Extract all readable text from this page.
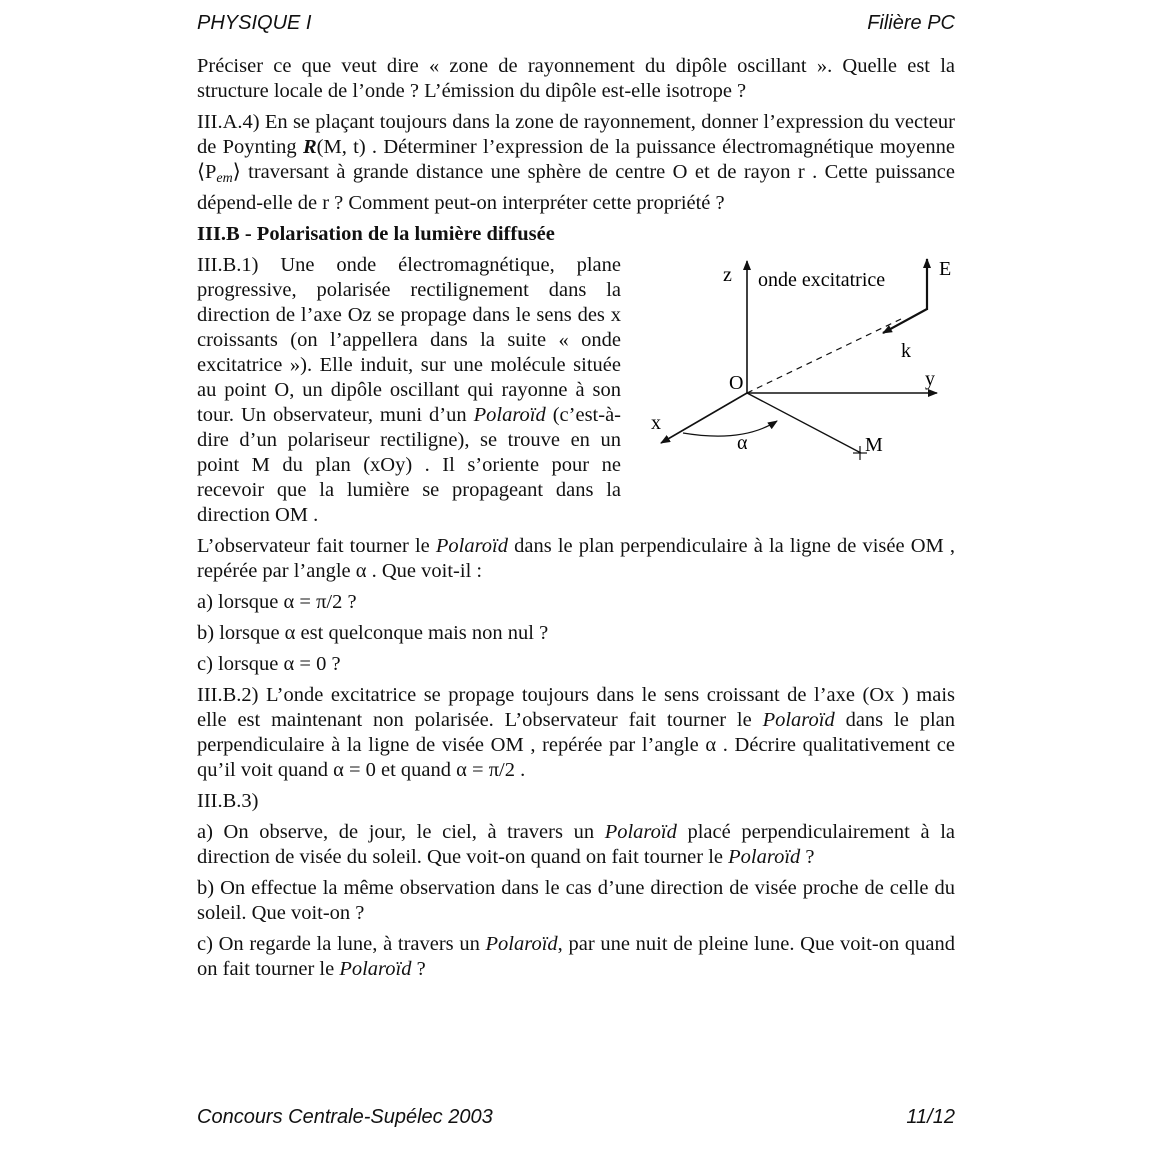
PHYSIQUE I	Filière PC

Préciser ce que veut dire « zone de rayonnement du dipôle oscillant ». Quelle est la structure locale de l’onde ? L’émission du dipôle est-elle isotrope ?

III.A.4) En se plaçant toujours dans la zone de rayonnement, donner l’expression du vecteur de Poynting R(M, t) . Déterminer l’expression de la puissance électromagnétique moyenne $⟨P_{em}⟩$ traversant à grande distance une sphère de centre O et de rayon r . Cette puissance dépend-elle de r ? Comment peut-on interpréter cette propriété ?

III.B - Polarisation de la lumière diffusée

z onde excitatrice	E
k
O	y
x
α	M

III.B.1) Une onde électromagnétique, plane progressive, polarisée rectilignement dans la direction de l’axe Oz se propage dans le sens des x croissants (on l’appellera dans la suite « onde excitatrice »). Elle induit, sur une molécule située au point O, un dipôle oscillant qui rayonne à son tour. Un observateur, muni d’un Polaroïd (c’est-à-dire d’un polariseur rectiligne), se trouve en un point M du plan (xOy) . Il s’oriente pour ne recevoir que la lumière se propageant dans la direction OM .

L’observateur fait tourner le Polaroïd dans le plan perpendiculaire à la ligne de visée OM , repérée par l’angle α . Que voit-il :

a) lorsque α = π/2 ?

b) lorsque α est quelconque mais non nul ?

c) lorsque α = 0 ?

III.B.2) L’onde excitatrice se propage toujours dans le sens croissant de l’axe (Ox ) mais elle est maintenant non polarisée. L’observateur fait tourner le Polaroïd dans le plan perpendiculaire à la ligne de visée OM , repérée par l’angle α . Décrire qualitativement ce qu’il voit quand α = 0 et quand α = π/2 .

III.B.3)

a) On observe, de jour, le ciel, à travers un Polaroïd placé perpendiculairement à la direction de visée du soleil. Que voit-on quand on fait tourner le Polaroïd ?

b) On effectue la même observation dans le cas d’une direction de visée proche de celle du soleil. Que voit-on ?

c) On regarde la lune, à travers un Polaroïd, par une nuit de pleine lune. Que voit-on quand on fait tourner le Polaroïd ?

Concours Centrale-Supélec 2003	11/12
